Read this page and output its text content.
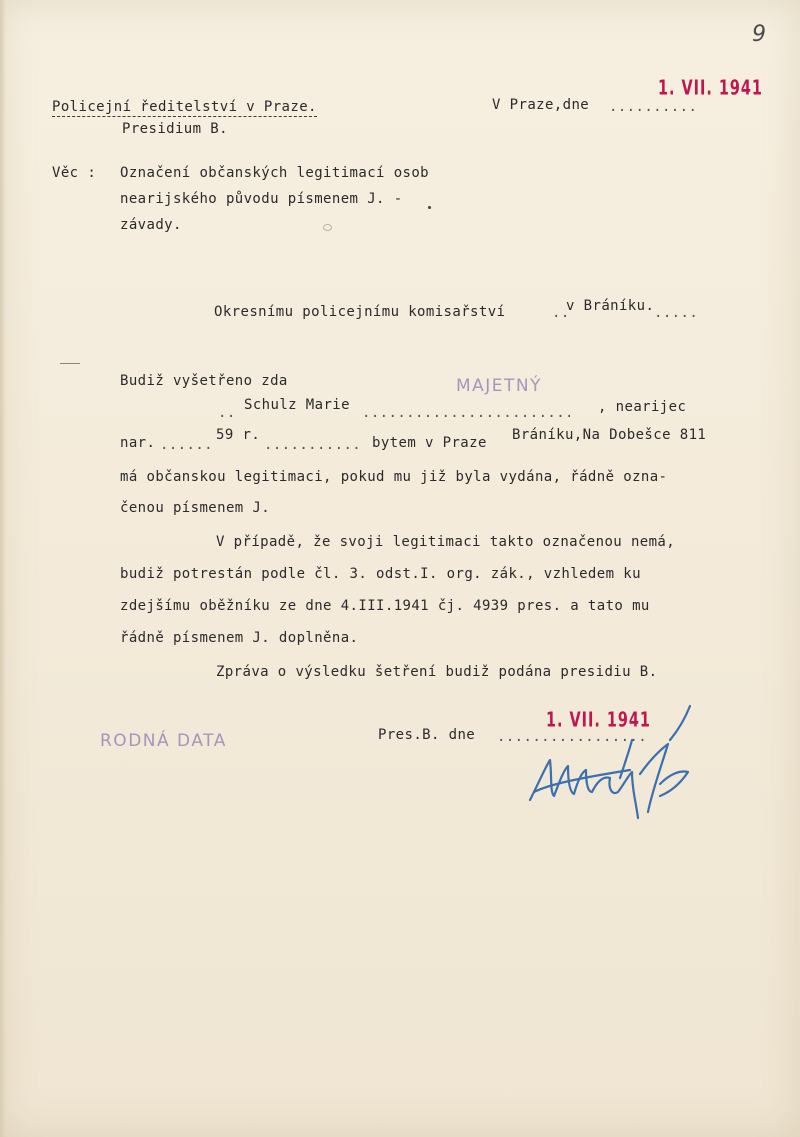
9
Policejní ředitelství v Praze.
Presidium B.
V Praze,dne ..........
1. VII. 1941
Věc : Označení občanských legitimací osob
nearijského původu písmenem J. -
závady.
Okresnímu policejnímu komisařství	..
v Bráníku. .....
Budiž vyšetřeno zda	MAJETNÝ
.. Schulz Marie ........................ , nearijec
nar. ......
59 r.
........... bytem v Praze Bráníku,Na Dobešce 811
má občanskou legitimaci, pokud mu již byla vydána, řádně ozna-
čenou písmenem J.
V případě, že svoji legitimaci takto označenou nemá,
budiž potrestán podle čl. 3. odst.I. org. zák., vzhledem ku
zdejšímu oběžníku ze dne 4.III.1941 čj. 4939 pres. a tato mu
řádně písmenem J. doplněna.
Zpráva o výsledku šetření budiž podána presidiu B.
RODNÁ DATA	Pres.B. dne .................
1. VII. 1941
